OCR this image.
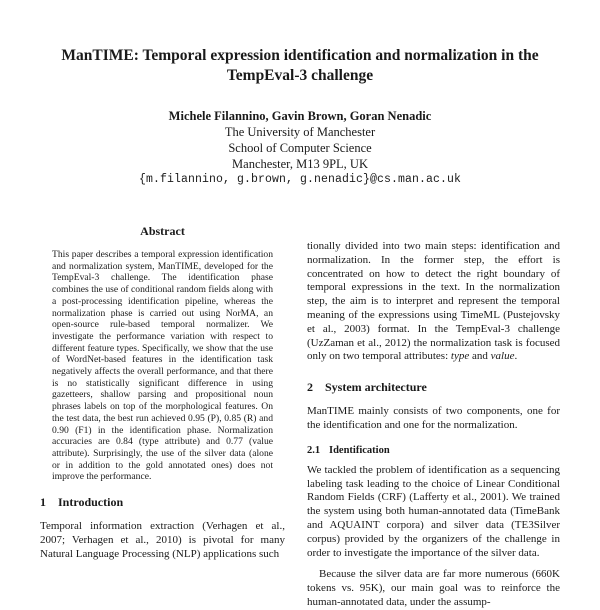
ManTIME: Temporal expression identification and normalization in the
TempEval-3 challenge
Michele Filannino, Gavin Brown, Goran Nenadic
The University of Manchester
School of Computer Science
Manchester, M13 9PL, UK
{m.filannino, g.brown, g.nenadic}@cs.man.ac.uk
Abstract

This paper describes a temporal expression identification and normalization system, ManTIME, developed for the TempEval-3 challenge. The identification phase combines the use of conditional random fields along with a post-processing identification pipeline, whereas the normalization phase is carried out using NorMA, an open-source rule-based temporal normalizer. We investigate the performance variation with respect to different feature types. Specifically, we show that the use of WordNet-based features in the identification task negatively affects the overall performance, and that there is no statistically significant difference in using gazetteers, shallow parsing and propositional noun phrases labels on top of the morphological features. On the test data, the best run achieved 0.95 (P), 0.85 (R) and 0.90 (F1) in the identification phase. Normalization accuracies are 0.84 (type attribute) and 0.77 (value attribute). Surprisingly, the use of the silver data (alone or in addition to the gold annotated ones) does not improve the performance.

1 Introduction

Temporal information extraction (Verhagen et al., 2007; Verhagen et al., 2010) is pivotal for many Natural Language Processing (NLP) applications such

tionally divided into two main steps: identification and normalization. In the former step, the effort is concentrated on how to detect the right boundary of temporal expressions in the text. In the normalization step, the aim is to interpret and represent the temporal meaning of the expressions using TimeML (Pustejovsky et al., 2003) format. In the TempEval-3 challenge (UzZaman et al., 2012) the normalization task is focused only on two temporal attributes: type and value.

2 System architecture

ManTIME mainly consists of two components, one for the identification and one for the normalization.

2.1 Identification

We tackled the problem of identification as a sequencing labeling task leading to the choice of Linear Conditional Random Fields (CRF) (Lafferty et al., 2001). We trained the system using both human-annotated data (TimeBank and AQUAINT corpora) and silver data (TE3Silver corpus) provided by the organizers of the challenge in order to investigate the importance of the silver data.

Because the silver data are far more numerous (660K tokens vs. 95K), our main goal was to reinforce the human-annotated data, under the assump-
